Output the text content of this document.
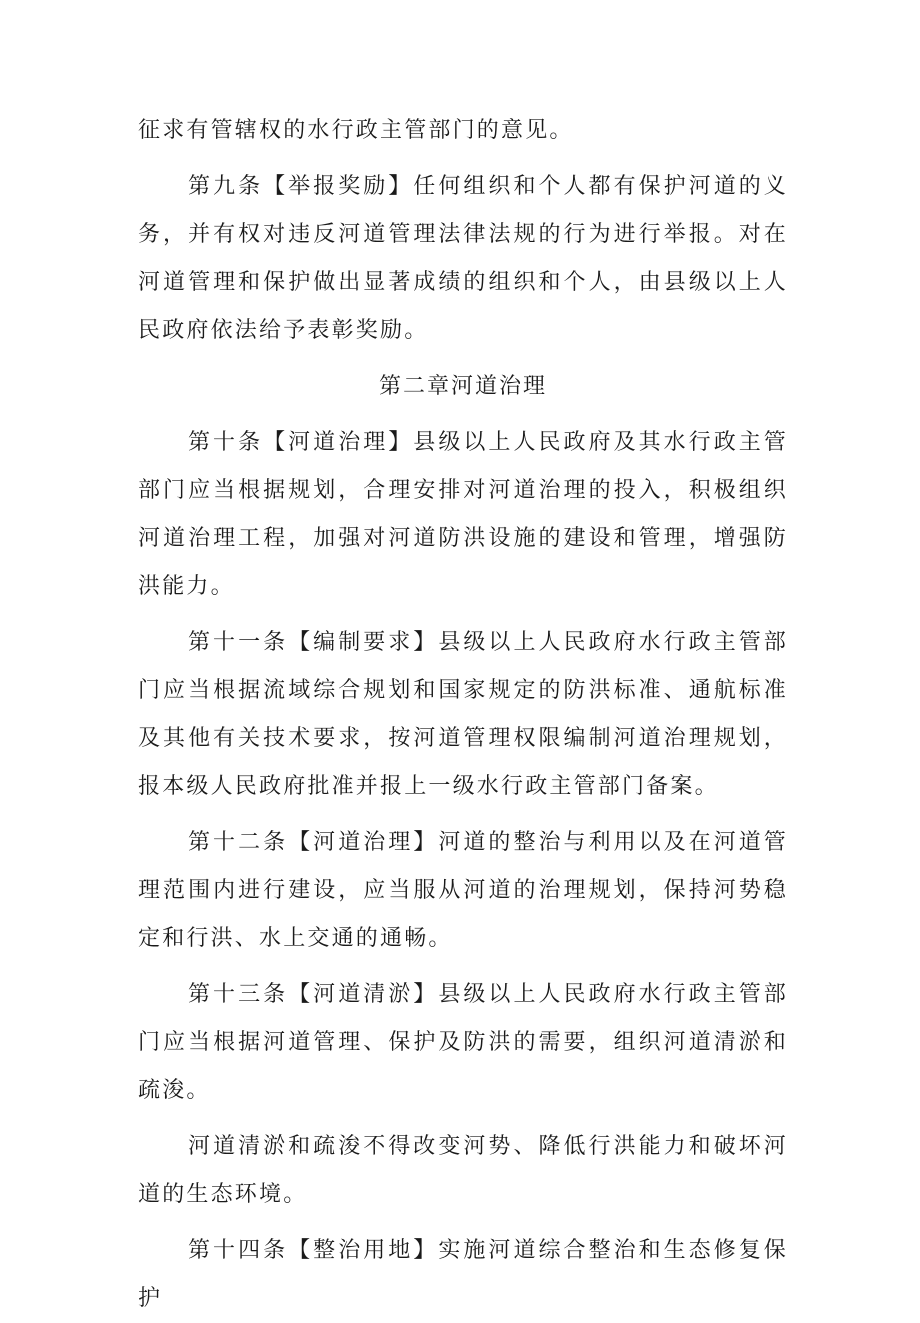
征求有管辖权的水行政主管部门的意见。

第九条【举报奖励】任何组织和个人都有保护河道的义务，并有权对违反河道管理法律法规的行为进行举报。对在河道管理和保护做出显著成绩的组织和个人，由县级以上人民政府依法给予表彰奖励。

第二章河道治理

第十条【河道治理】县级以上人民政府及其水行政主管部门应当根据规划，合理安排对河道治理的投入，积极组织河道治理工程，加强对河道防洪设施的建设和管理，增强防洪能力。

第十一条【编制要求】县级以上人民政府水行政主管部门应当根据流域综合规划和国家规定的防洪标准、通航标准及其他有关技术要求，按河道管理权限编制河道治理规划，报本级人民政府批准并报上一级水行政主管部门备案。

第十二条【河道治理】河道的整治与利用以及在河道管理范围内进行建设，应当服从河道的治理规划，保持河势稳定和行洪、水上交通的通畅。

第十三条【河道清淤】县级以上人民政府水行政主管部门应当根据河道管理、保护及防洪的需要，组织河道清淤和疏浚。

河道清淤和疏浚不得改变河势、降低行洪能力和破坏河道的生态环境。

第十四条【整治用地】实施河道综合整治和生态修复保护
